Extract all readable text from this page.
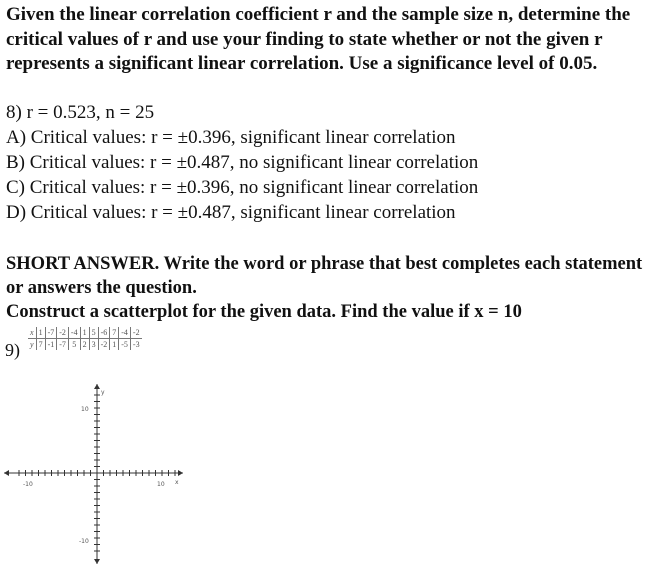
Given the linear correlation coefficient r and the sample size n, determine the critical values of r and use your finding to state whether or not the given r represents a significant linear correlation. Use a significance level of 0.05.
8) r = 0.523, n = 25
A) Critical values: r = ±0.396, significant linear correlation
B) Critical values: r = ±0.487, no significant linear correlation
C) Critical values: r = ±0.396, no significant linear correlation
D) Critical values: r = ±0.487, significant linear correlation
SHORT ANSWER. Write the word or phrase that best completes each statement or answers the question.
Construct a scatterplot for the given data. Find the value if x = 10
9)
x	1	-7	-2	-4	1	5	-6	7	-4	-2
y	7	-1	-7	5	2	3	-2	1	-5	-3
y
x
10
-10
-10	10
